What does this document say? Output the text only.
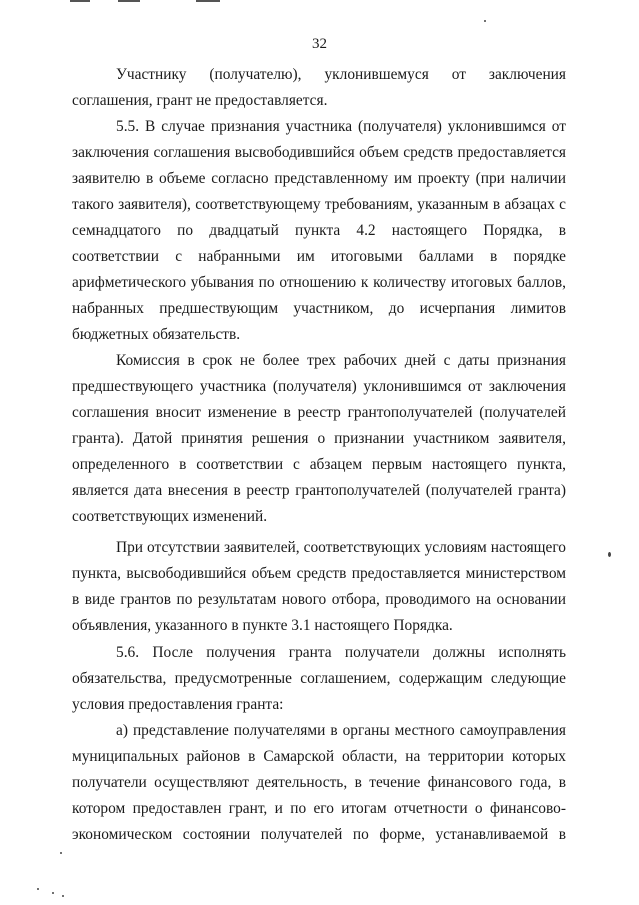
32
Участнику (получателю), уклонившемуся от заключения
соглашения, грант не предоставляется.
5.5. В случае признания участника (получателя) уклонившимся от
заключения соглашения высвободившийся объем средств предоставляется
заявителю в объеме согласно представленному им проекту (при наличии
такого заявителя), соответствующему требованиям, указанным в абзацах с
семнадцатого по двадцатый пункта 4.2 настоящего Порядка, в
соответствии с набранными им итоговыми баллами в порядке
арифметического убывания по отношению к количеству итоговых баллов,
набранных предшествующим участником, до исчерпания лимитов
бюджетных обязательств.
Комиссия в срок не более трех рабочих дней с даты признания
предшествующего участника (получателя) уклонившимся от заключения
соглашения вносит изменение в реестр грантополучателей (получателей
гранта). Датой принятия решения о признании участником заявителя,
определенного в соответствии с абзацем первым настоящего пункта,
является дата внесения в реестр грантополучателей (получателей гранта)
соответствующих изменений.
При отсутствии заявителей, соответствующих условиям настоящего
пункта, высвободившийся объем средств предоставляется министерством
в виде грантов по результатам нового отбора, проводимого на основании
объявления, указанного в пункте 3.1 настоящего Порядка.
5.6. После получения гранта получатели должны исполнять
обязательства, предусмотренные соглашением, содержащим следующие
условия предоставления гранта:
а) представление получателями в органы местного самоуправления
муниципальных районов в Самарской области, на территории которых
получатели осуществляют деятельность, в течение финансового года, в
котором предоставлен грант, и по его итогам отчетности о финансово-
экономическом состоянии получателей по форме, устанавливаемой в
